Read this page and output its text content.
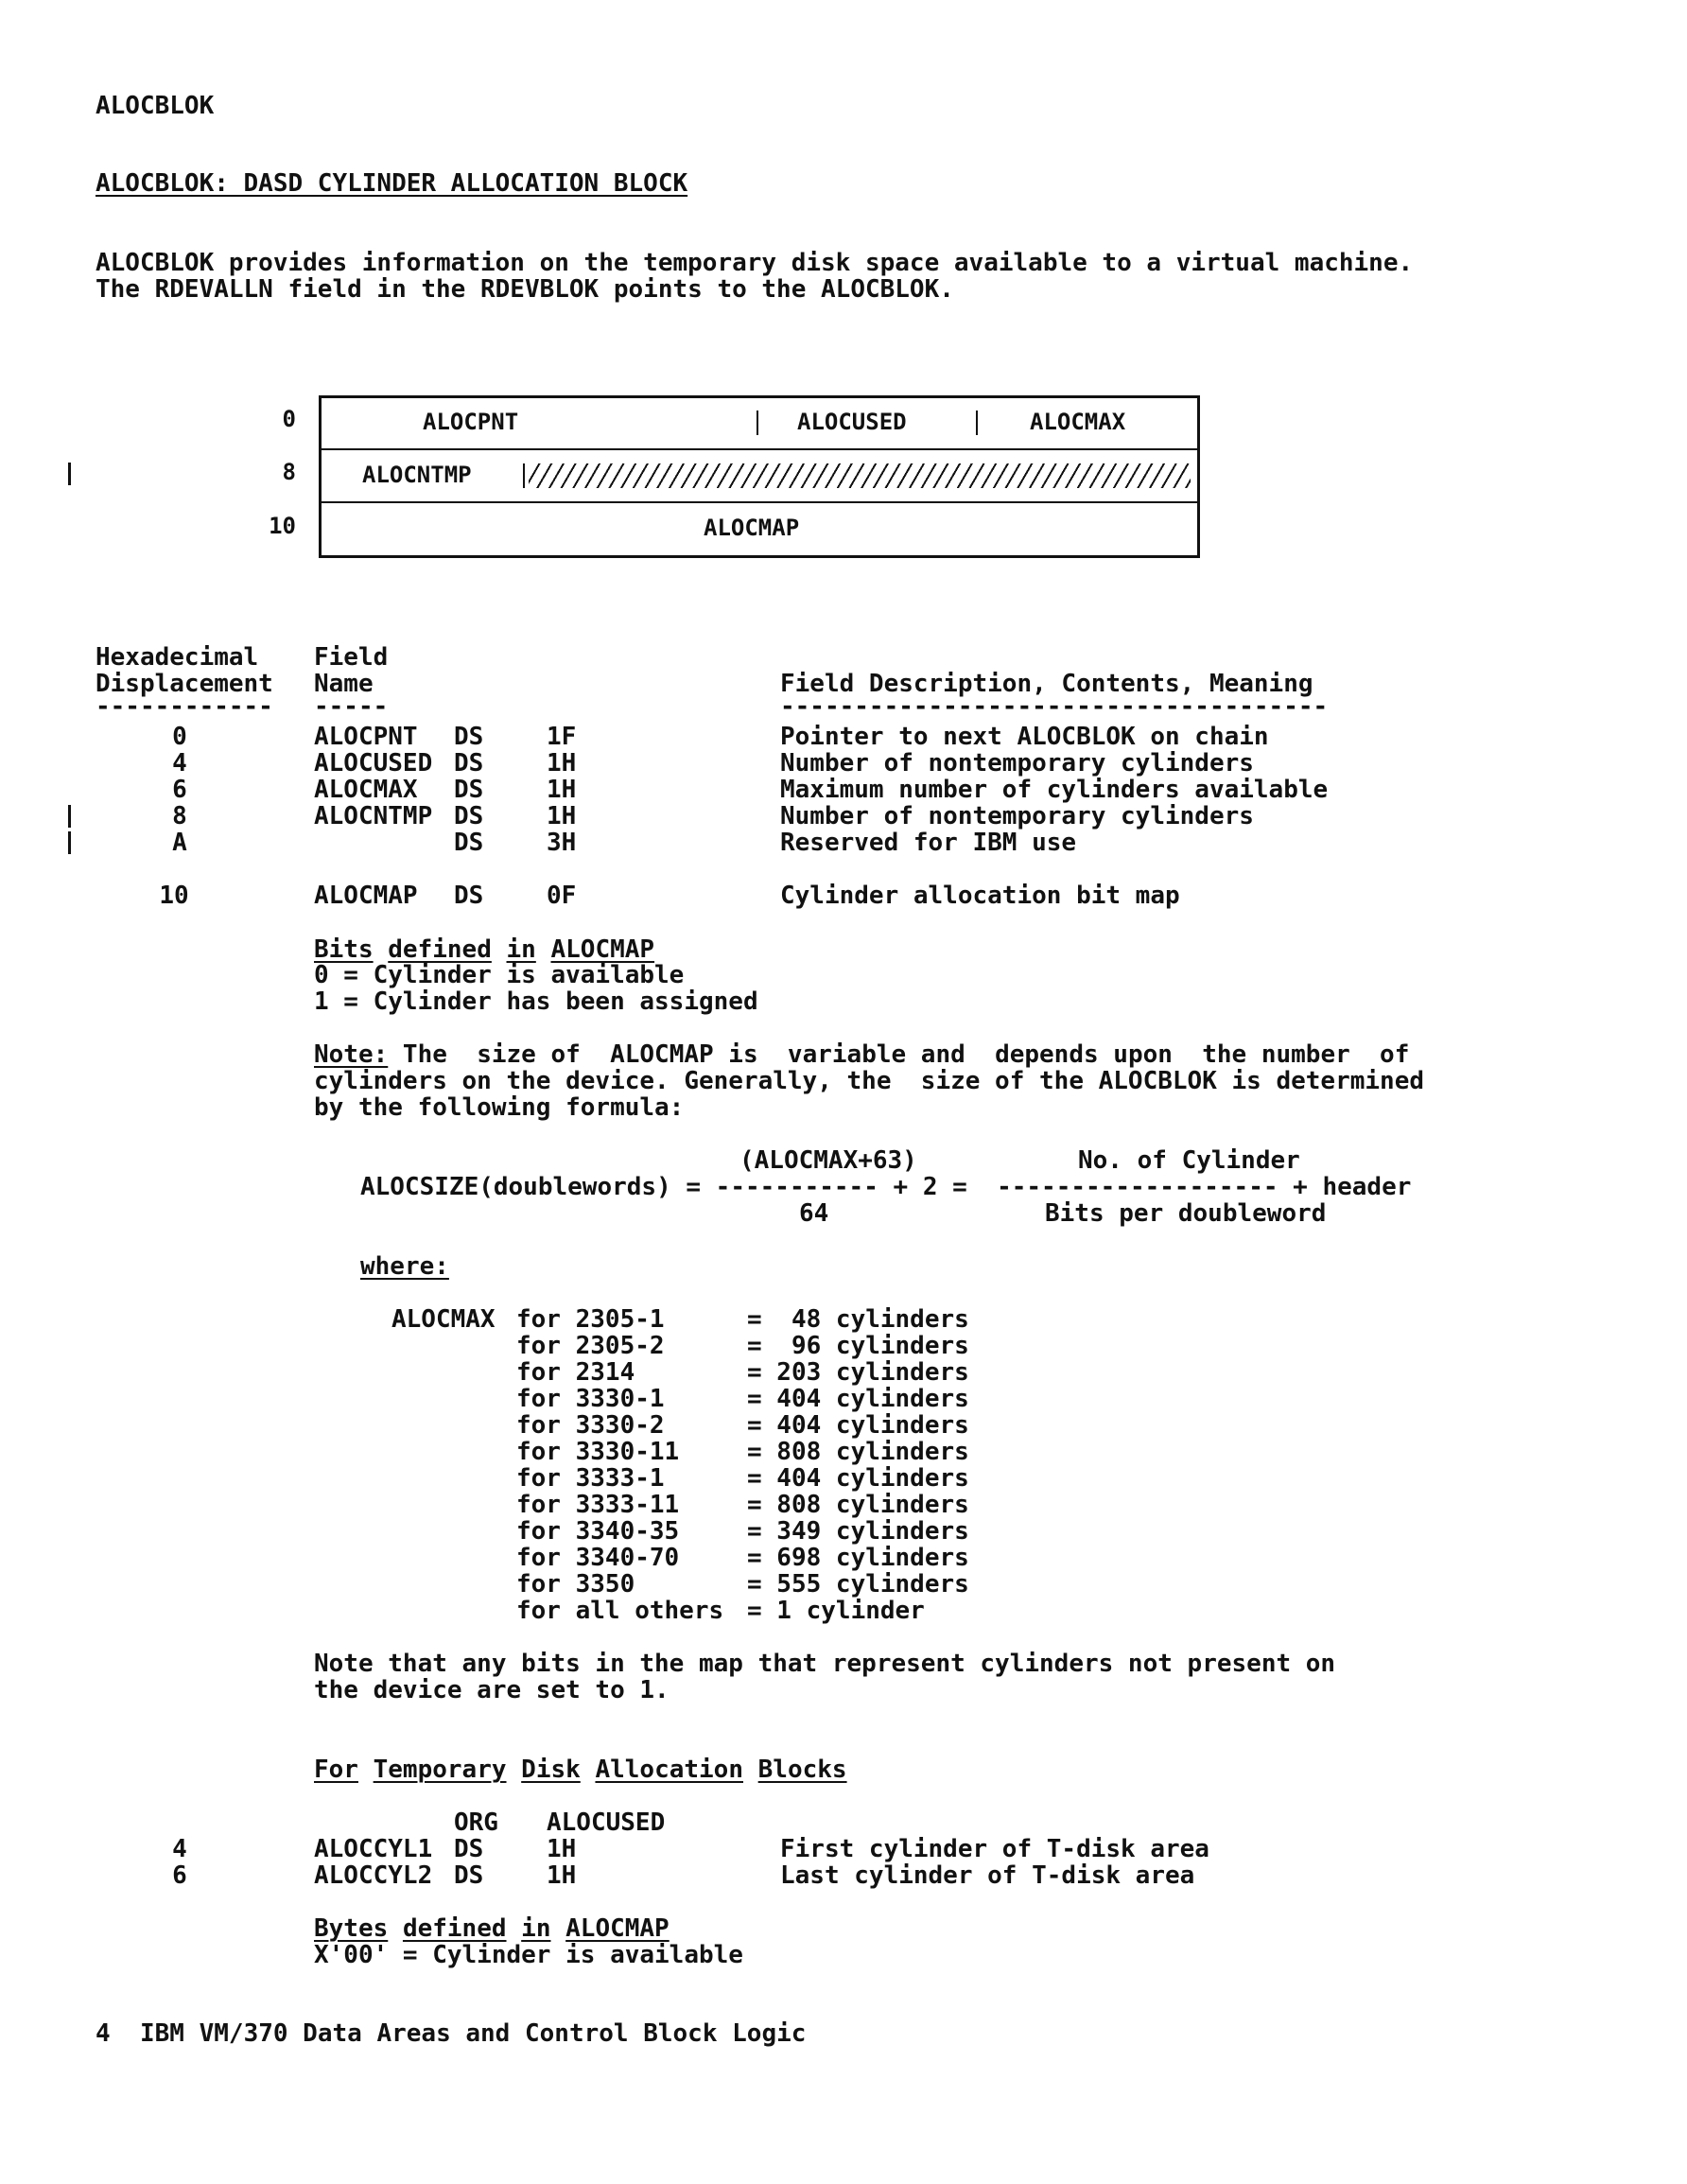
ALOCBLOK
ALOCBLOK: DASD CYLINDER ALLOCATION BLOCK
ALOCBLOK provides information on the temporary disk space available to a virtual machine.
The RDEVALLN field in the RDEVBLOK points to the ALOCBLOK.
0
8
10
ALOCPNT	ALOCUSED	ALOCMAX
ALOCNTMP
ALOCMAP
Hexadecimal
Displacement
Field
Name	Field Description, Contents, Meaning
------------ -----	-------------------------------------
0	ALOCPNT DS	1F	Pointer to next ALOCBLOK on chain
4	ALOCUSED DS	1H	Number of nontemporary cylinders
6	ALOCMAX DS	1H	Maximum number of cylinders available
8	ALOCNTMP DS	1H	Number of nontemporary cylinders
A	DS	3H	Reserved for IBM use
10	ALOCMAP DS	0F	Cylinder allocation bit map
Bits defined in ALOCMAP
0 = Cylinder is available
1 = Cylinder has been assigned
Note: The  size of  ALOCMAP is  variable and  depends upon  the number  of
cylinders on the device. Generally, the  size of the ALOCBLOK is determined
by the following formula:
(ALOCMAX+63)	No. of Cylinder
ALOCSIZE(doublewords) = ----------- + 2 =  ------------------- + header
64	Bits per doubleword
where:
ALOCMAX for 2305-1 =  48 cylinders
for 2305-2 =  96 cylinders
for 2314 = 203 cylinders
for 3330-1 = 404 cylinders
for 3330-2 = 404 cylinders
for 3330-11 = 808 cylinders
for 3333-1 = 404 cylinders
for 3333-11 = 808 cylinders
for 3340-35 = 349 cylinders
for 3340-70 = 698 cylinders
for 3350 = 555 cylinders
for all others = 1 cylinder
Note that any bits in the map that represent cylinders not present on
the device are set to 1.
For Temporary Disk Allocation Blocks
ORG ALOCUSED
4	ALOCCYL1 DS	1H	First cylinder of T-disk area
6	ALOCCYL2 DS	1H	Last cylinder of T-disk area
Bytes defined in ALOCMAP
X'00' = Cylinder is available
4 IBM VM/370 Data Areas and Control Block Logic
